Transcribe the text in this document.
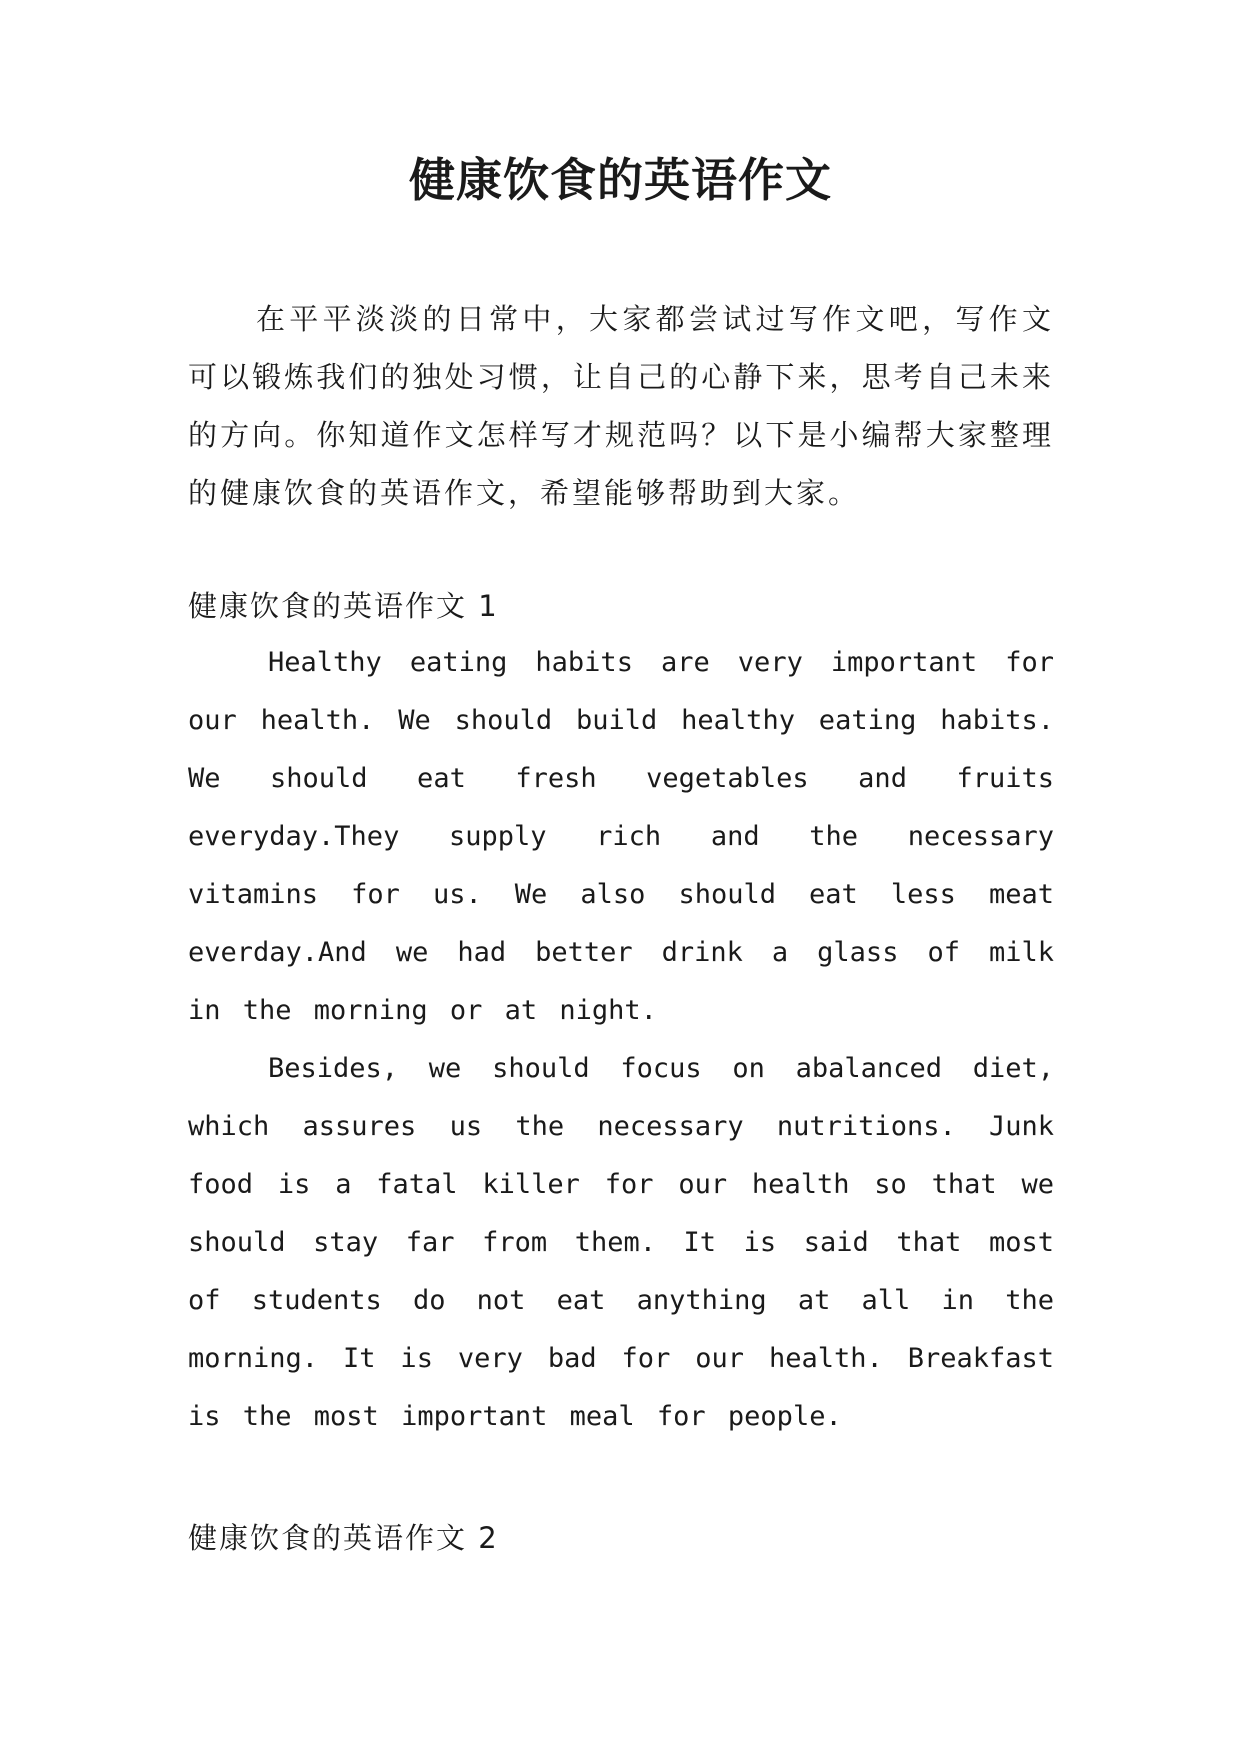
健康饮食的英语作文

在平平淡淡的日常中，大家都尝试过写作文吧，写作文可以锻炼我们的独处习惯，让自己的心静下来，思考自己未来的方向。你知道作文怎样写才规范吗？以下是小编帮大家整理的健康饮食的英语作文，希望能够帮助到大家。

健康饮食的英语作文 1

Healthy eating habits are very important for our health. We should build healthy eating habits. We should eat fresh vegetables and fruits everyday.They supply rich and the necessary vitamins for us. We also should eat less meat everday.And we had better drink a glass of milk in the morning or at night.

Besides, we should focus on abalanced diet, which assures us the necessary nutritions. Junk food is a fatal killer for our health so that we should stay far from them. It is said that most of students do not eat anything at all in the morning. It is very bad for our health. Breakfast is the most important meal for people.

健康饮食的英语作文 2
